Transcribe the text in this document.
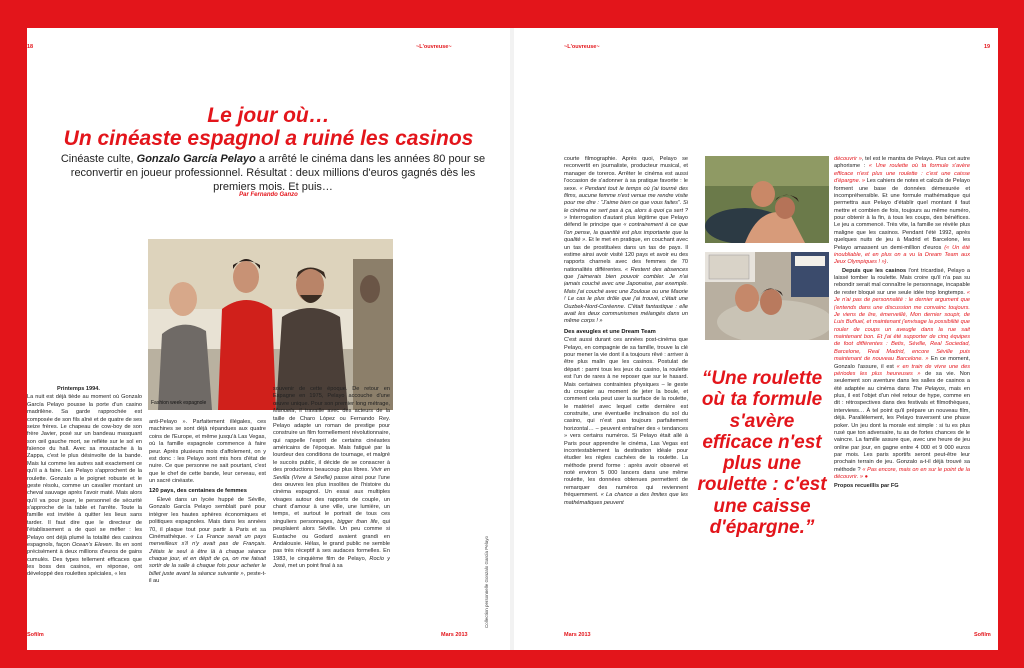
18	~L'ouvreuse~
Le jour où…
Un cinéaste espagnol a ruiné les casinos
Cinéaste culte, Gonzalo García Pelayo a arrêté le cinéma dans les années 80 pour se reconvertir en joueur professionnel. Résultat : deux millions d'euros gagnés dès les premiers mois. Et puis…
Par Fernando Ganzo
Fashion week espagnole
Collection personnelle Gonzalo García Pelayo

Printemps 1994.

La nuit est déjà tiède au moment où Gonzalo García Pelayo pousse la porte d'un casino madrilène. Sa garde rapprochée est composée de son fils aîné et de quatre de ses seize frères. Le chapeau de cow-boy de son frère Javier, posé sur un bandeau masquant son œil gauche mort, se reflète sur le sol en faïence du hall. Avec sa moustache à la Zappa, c'est le plus désinvolte de la bande. Mais lui comme les autres sait exactement ce qu'il a à faire. Les Pelayo s'approchent de la roulette. Gonzalo a le poignet robuste et le geste résolu, comme un cavalier montant un cheval sauvage après l'avoir maté. Mais alors qu'il va pour jouer, le personnel de sécurité s'approche de la table et l'arrête. Toute la famille est invitée à quitter les lieux sans tarder. Il faut dire que le directeur de l'établissement a de quoi se méfier : les Pelayo ont déjà plumé la totalité des casinos espagnols, façon Ocean's Eleven. Ils en sont précisément à deux millions d'euros de gains cumulés. Des types tellement efficaces que les boss des casinos, en réponse, ont développé des roulettes spéciales, « les

anti-Pelayo ». Parfaitement illégales, ces machines se sont déjà répandues aux quatre coins de l'Europe, et même jusqu'à Las Vegas, où la famille espagnole commence à faire peur. Après plusieurs mois d'affolement, on y est donc : les Pelayo sont mis hors d'état de nuire. Ce que personne ne sait pourtant, c'est que le chef de cette bande, leur cerveau, est un sacré cinéaste.

120 pays, des centaines de femmes

Élevé dans un lycée huppé de Séville, Gonzalo García Pelayo semblait paré pour intégrer les hautes sphères économiques et politiques espagnoles. Mais dans les années 70, il plaque tout pour partir à Paris et sa Cinémathèque. « La France serait un pays merveilleux s'il n'y avait pas de Français. J'étais le seul à être là à chaque séance chaque jour, et en dépit de ça, on me faisait sortir de la salle à chaque fois pour acheter le billet juste avant la séance suivante », peste-t-il au

souvenir de cette époque. De retour en Espagne en 1975, Pelayo accouche d'une œuvre unique. Pour son premier long métrage, Manuela, il travaille avec des acteurs de la taille de Charo López ou Fernando Rey. Pelayo adapte un roman de prestige pour construire un film formellement révolutionnaire, qui rappelle l'esprit de certains cinéastes américains de l'époque. Mais fatigué par la lourdeur des conditions de tournage, et malgré le succès public, il décide de se consacrer à des productions beaucoup plus libres. Vivir en Sevilla (Vivre à Séville) passe ainsi pour l'une des œuvres les plus insolites de l'histoire du cinéma espagnol. Un essai aux multiples visages autour des rapports de couple, un chant d'amour à une ville, une lumière, un temps, et surtout le portrait de tous ces singuliers personnages, bigger than life, qui peuplaient alors Séville. Un peu comme si Eustache ou Godard avaient grandi en Andalousie. Hélas, le grand public ne semble pas très réceptif à ses audaces formelles. En 1983, le cinquième film de Pelayo, Rocío y José, met un point final à sa

Sofilm	Mars 2013
~L'ouvreuse~	19

courte filmographie. Après quoi, Pelayo se reconvertit en journaliste, producteur musical, et manager de toreros. Arrêter le cinéma est aussi l'occasion de s'adonner à sa pratique favorite : le sexe. « Pendant tout le temps où j'ai tourné des films, aucune femme n'est venue me rendre visite pour me dire : “J'aime bien ce que vous faites”. Si le cinéma ne sert pas à ça, alors à quoi ça sert ? » Interrogation d'autant plus légitime que Pelayo défend le principe que « contrairement à ce que l'on pense, la quantité est plus importante que la qualité ». Et le met en pratique, en couchant avec un tas de prostituées dans un tas de pays. Il estime ainsi avoir visité 120 pays et avoir eu des rapports charnels avec des femmes de 70 nationalités différentes. « Restent des absences que j'aimerais bien pouvoir combler. Je n'ai jamais couché avec une Japonaise, par exemple. Mais j'ai couché avec une Zouloue ou une Maorie ! Le cas le plus drôle que j'ai trouvé, c'était une Ouzbek-Nord-Coréenne. C'était fantastique : elle avait les deux communismes mélangés dans un même corps ! »

Des aveugles et une Dream Team

C'est aussi durant ces années post-cinéma que Pelayo, en compagnie de sa famille, trouve la clé pour mener la vie dont il a toujours rêvé : arriver à être plus malin que les casinos. Postulat de départ : parmi tous les jeux du casino, la roulette est l'un de rares à ne reposer que sur le hasard. Mais certaines contraintes physiques – le geste du croupier au moment de jeter la boule, et comment cela peut user la surface de la roulette, le matériel avec lequel cette dernière est construite, une éventuelle inclinaison du sol du casino, qui n'est pas toujours parfaitement horizontal… – peuvent entraîner des « tendances » vers certains numéros. Si Pelayo était allé à Paris pour apprendre le cinéma, Las Vegas est incontestablement la destination idéale pour étudier les règles cachées de la roulette. La méthode prend forme : après avoir observé et noté environ 5 000 lancers dans une même roulette, les données obtenues permettent de remarquer des numéros qui reviennent fréquemment. « La chance a des limites que les mathématiques peuvent

“Une roulette où ta formule s'avère efficace n'est plus une roulette : c'est une caisse d'épargne.”

découvrir », tel est le mantra de Pelayo. Plus cet autre aphorisme : « Une roulette où ta formule s'avère efficace n'est plus une roulette : c'est une caisse d'épargne. » Les cahiers de notes et calculs de Pelayo forment une base de données démesurée et incompréhensible. Et une formule mathématique qui permettra aux Pelayo d'établir quel montant il faut mettre et combien de fois, toujours au même numéro, pour obtenir à la fin, à tous les coups, des bénéfices. Le jeu a commencé. Très vite, la famille se révèle plus maligne que les casinos. Pendant l'été 1992, après quelques nuits de jeu à Madrid et Barcelone, les Pelayo amassent un demi-million d'euros (« Un été inoubliable, et en plus on a vu la Dream Team aux Jeux Olympiques ! »).

Depuis que les casinos l'ont tricardisé, Pelayo a laissé tomber la roulette. Mais croire qu'il n'a pas su rebondir serait mal connaître le personnage, incapable de rester bloqué sur une seule idée trop longtemps. « Je n'ai pas de personnalité : le dernier argument que j'entends dans une discussion me convainc toujours. Je viens de lire, émerveillé, Mon dernier soupir, de Luis Buñuel, et maintenant j'envisage la possibilité que rouler de coups un aveugle dans la rue sait maintenant bon. Et j'ai été supporter de cinq équipes de foot différentes : Betis, Séville, Real Sociedad, Barcelone, Real Madrid, encore Séville puis maintenant de nouveau Barcelone. » En ce moment, Gonzalo l'assure, il est « en train de vivre une des périodes les plus heureuses » de sa vie. Non seulement son aventure dans les salles de casinos a été adaptée au cinéma dans The Pelayos, mais en plus, il est l'objet d'un réel retour de hype, comme en dit : rétrospectives dans des festivals et filmothèques, interviews… À tel point qu'il prépare un nouveau film, déjà. Parallèlement, les Pelayo traversent une phase poker. Un jeu dont la morale est simple : si tu es plus rusé que ton adversaire, tu as de fortes chances de le vaincre. La famille assure que, avec une heure de jeu online par jour, en gagne entre 4 000 et 9 000 euros par mois. Les paris sportifs seront peut-être leur prochain terrain de jeu. Gonzalo a-t-il déjà trouvé sa méthode ? « Pas encore, mais on en sur le point de la découvrir. » ●

Propos recueillis par FG

Mars 2013	Sofilm
